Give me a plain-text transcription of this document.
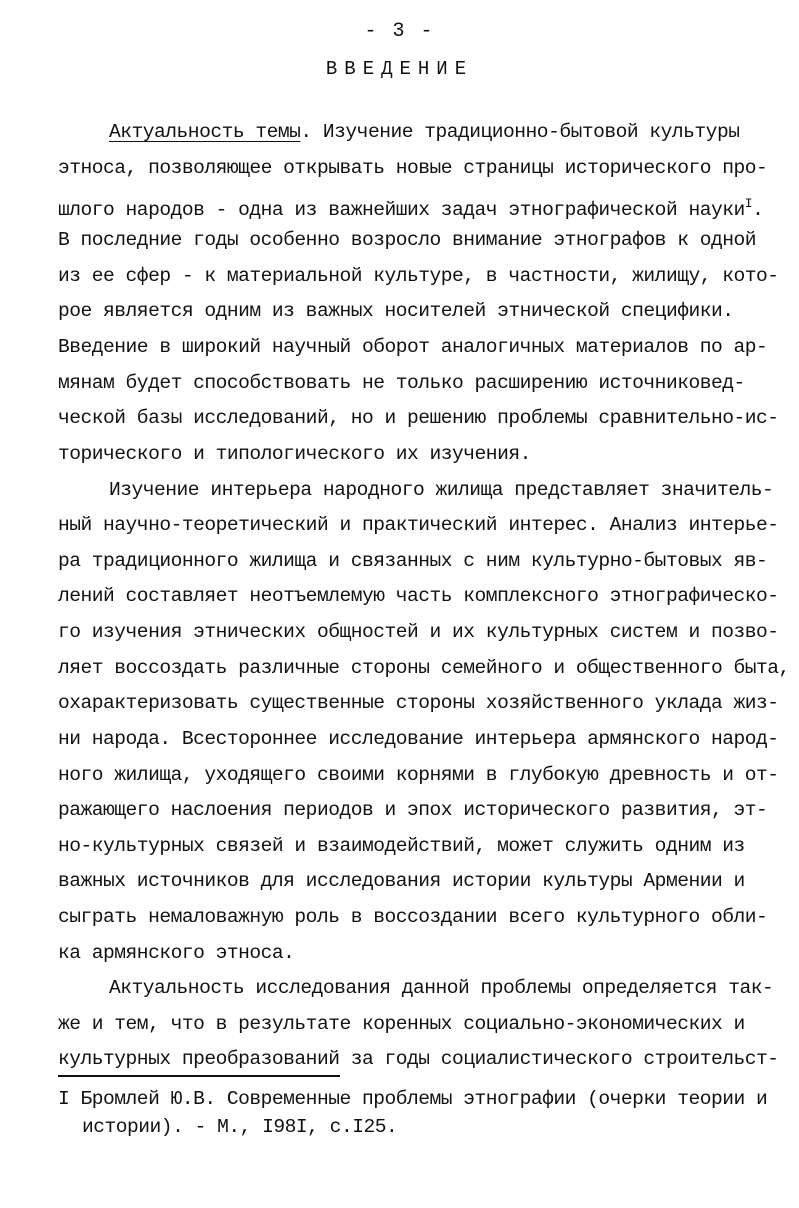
- 3 -
ВВЕДЕНИЕ
Актуальность темы. Изучение традиционно-бытовой культуры
этноса, позволяющее открывать новые страницы исторического про-
шлого народов - одна из важнейших задач этнографической науки$^I$.
В последние годы особенно возросло внимание этнографов к одной
из ее сфер - к материальной культуре, в частности, жилищу, кото-
рое является одним из важных носителей этнической специфики.
Введение в широкий научный оборот аналогичных материалов по ар-
мянам будет способствовать не только расширению источниковед-
ческой базы исследований, но и решению проблемы сравнительно-ис-
торического и типологического их изучения.
Изучение интерьера народного жилища представляет значитель-
ный научно-теоретический и практический интерес. Анализ интерье-
ра традиционного жилища и связанных с ним культурно-бытовых яв-
лений составляет неотъемлемую часть комплексного этнографическо-
го изучения этнических общностей и их культурных систем и позво-
ляет воссоздать различные стороны семейного и общественного быта,
охарактеризовать существенные стороны хозяйственного уклада жиз-
ни народа. Всестороннее исследование интерьера армянского народ-
ного жилища, уходящего своими корнями в глубокую древность и от-
ражающего наслоения периодов и эпох исторического развития, эт-
но-культурных связей и взаимодействий, может служить одним из
важных источников для исследования истории культуры Армении и
сыграть немаловажную роль в воссоздании всего культурного обли-
ка армянского этноса.
Актуальность исследования данной проблемы определяется так-
же и тем, что в результате коренных социально-экономических и
культурных преобразований за годы социалистического строительст-
I Бромлей Ю.В. Современные проблемы этнографии (очерки теории и
истории). - М., I98I, с.I25.
